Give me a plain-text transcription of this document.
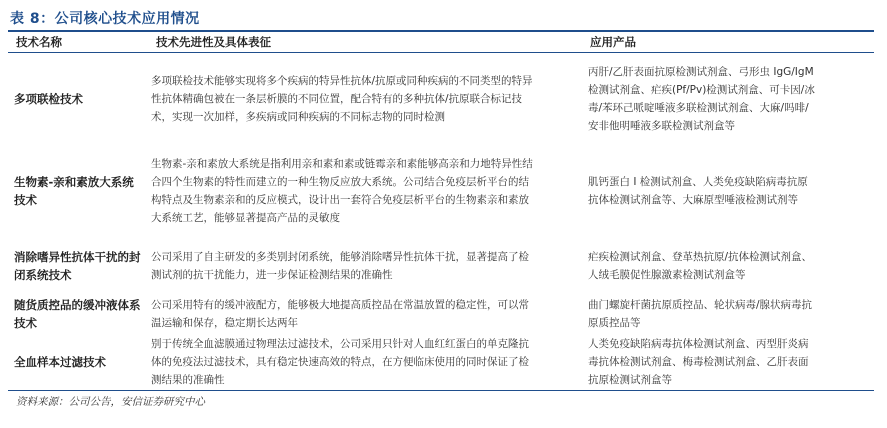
表 8：公司核心技术应用情况
技术名称	技术先进性及具体表征	应用产品
多项联检技术
多项联检技术能够实现将多个疾病的特异性抗体/抗原或同种疾病的不同类型的特异性抗体精确包被在一条层析膜的不同位置，配合特有的多种抗体/抗原联合标记技术，实现一次加样，多疾病或同种疾病的不同标志物的同时检测
丙肝/乙肝表面抗原检测试剂盒、弓形虫 IgG/IgM 检测试剂盒、疟疾(Pf/Pv)检测试剂盒、可卡因/冰毒/苯环己哌啶唾液多联检测试剂盒、大麻/吗啡/安非他明唾液多联检测试剂盒等
生物素-亲和素放大系统技术
生物素-亲和素放大系统是指利用亲和素和素或链霉亲和素能够高亲和力地特异性结合四个生物素的特性而建立的一种生物反应放大系统。公司结合免疫层析平台的结构特点及生物素亲和的反应模式，设计出一套符合免疫层析平台的生物素亲和素放大系统工艺，能够显著提高产品的灵敏度
肌钙蛋白 I 检测试剂盒、人类免疫缺陷病毒抗原抗体检测试剂盒等、大麻原型唾液检测试剂等
消除嗜异性抗体干扰的封闭系统技术
公司采用了自主研发的多类别封闭系统，能够消除嗜异性抗体干扰，显著提高了检测试剂的抗干扰能力，进一步保证检测结果的准确性
疟疾检测试剂盒、登革热抗原/抗体检测试剂盒、人绒毛膜促性腺激素检测试剂盒等
随货质控品的缓冲液体系技术
公司采用特有的缓冲液配方，能够极大地提高质控品在常温放置的稳定性，可以常温运输和保存，稳定期长达两年
曲门螺旋杆菌抗原质控品、轮状病毒/腺状病毒抗原质控品等
全血样本过滤技术
别于传统全血滤膜通过物理法过滤技术，公司采用只针对人血红红蛋白的单克隆抗体的免疫法过滤技术，具有稳定快速高效的特点，在方便临床使用的同时保证了检测结果的准确性
人类免疫缺陷病毒抗体检测试剂盒、丙型肝炎病毒抗体检测试剂盒、梅毒检测试剂盒、乙肝表面抗原检测试剂盒等
资料来源：公司公告，安信证券研究中心
